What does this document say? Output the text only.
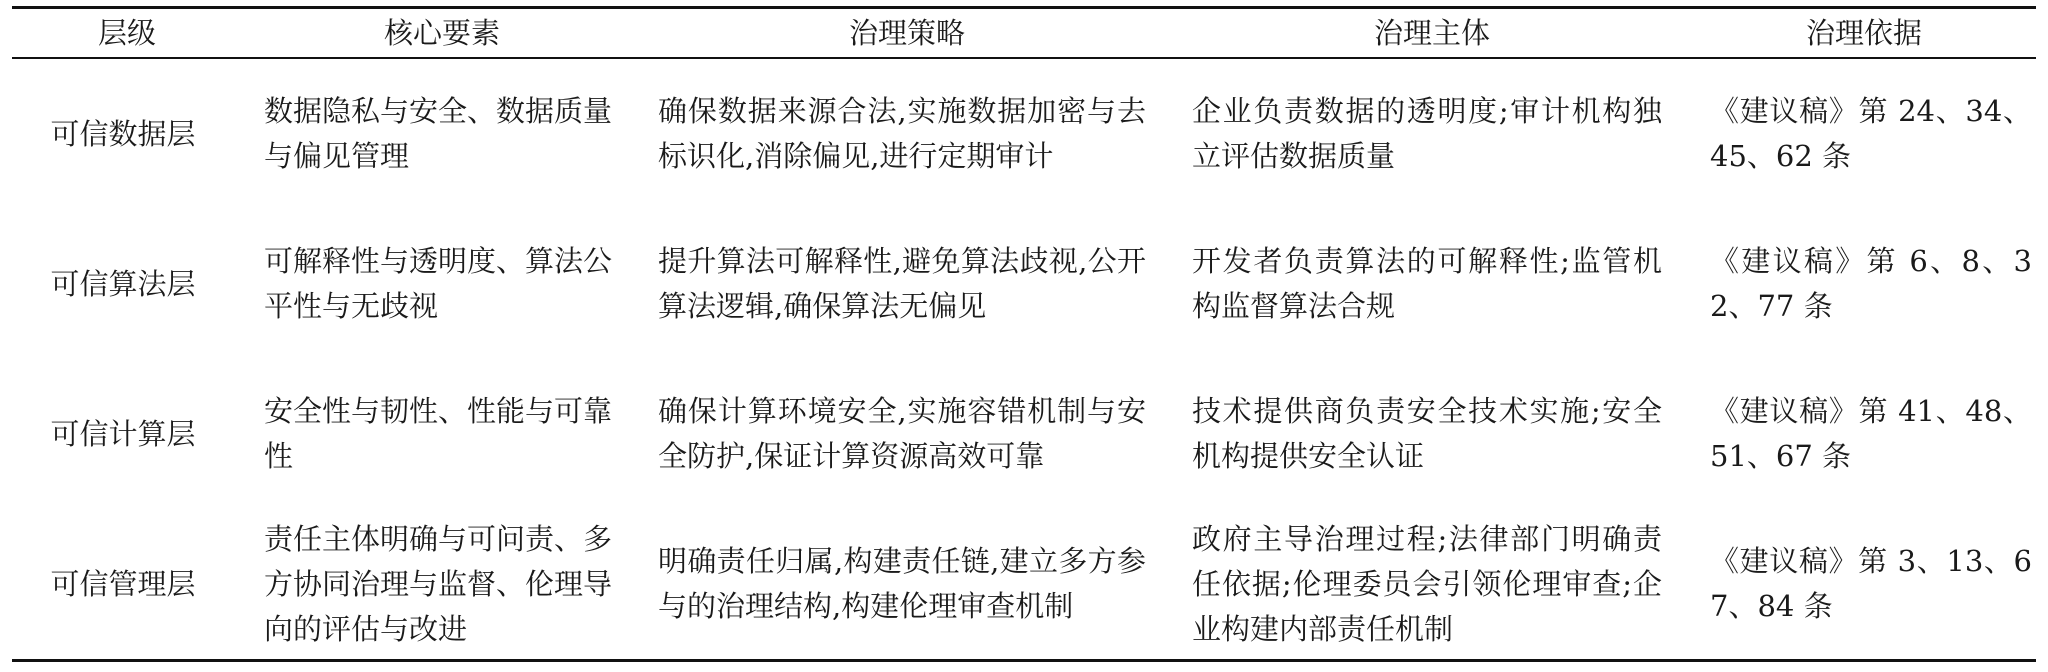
层级	核心要素	治理策略	治理主体	治理依据
可信数据层	数据隐私与安全、数据质量与偏见管理	确保数据来源合法,实施数据加密与去标识化,消除偏见,进行定期审计	企业负责数据的透明度;审计机构独立评估数据质量	《建议稿》第 24、34、45、62 条
可信算法层	可解释性与透明度、算法公平性与无歧视	提升算法可解释性,避免算法歧视,公开算法逻辑,确保算法无偏见	开发者负责算法的可解释性;监管机构监督算法合规	《建议稿》第 6、8、32、77 条
可信计算层	安全性与韧性、性能与可靠性	确保计算环境安全,实施容错机制与安全防护,保证计算资源高效可靠	技术提供商负责安全技术实施;安全机构提供安全认证	《建议稿》第 41、48、51、67 条
可信管理层	责任主体明确与可问责、多方协同治理与监督、伦理导向的评估与改进	明确责任归属,构建责任链,建立多方参与的治理结构,构建伦理审查机制	政府主导治理过程;法律部门明确责任依据;伦理委员会引领伦理审查;企业构建内部责任机制	《建议稿》第 3、13、67、84 条
